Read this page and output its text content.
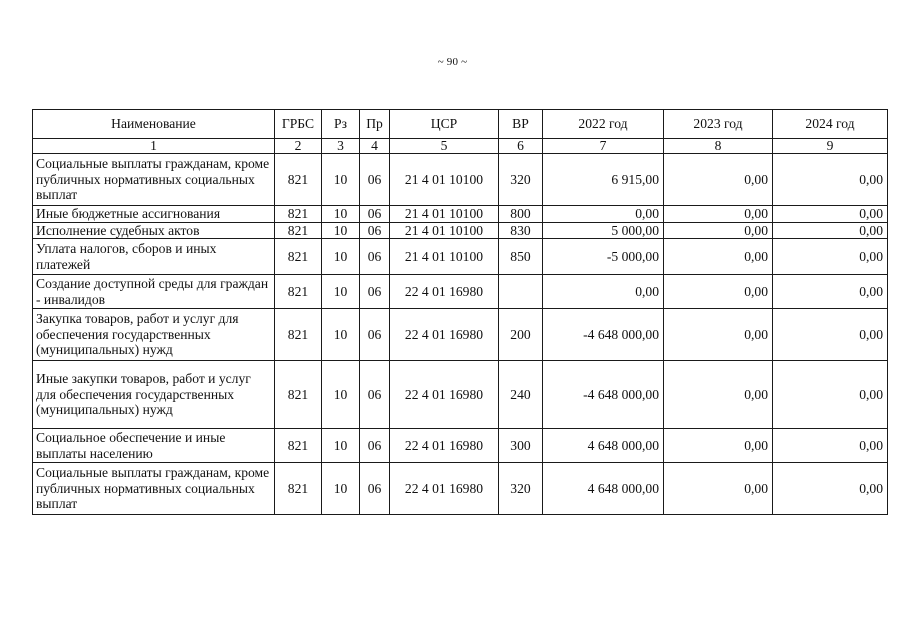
~ 90 ~
Наименование	ГРБС	Рз	Пр	ЦСР	ВР	2022 год	2023 год	2024 год
1	2	3	4	5	6	7	8	9
Социальные выплаты гражданам, кроме публичных нормативных социальных выплат	821	10	06	21 4 01 10100	320	6 915,00	0,00	0,00
Иные бюджетные ассигнования	821	10	06	21 4 01 10100	800	0,00	0,00	0,00
Исполнение судебных актов	821	10	06	21 4 01 10100	830	5 000,00	0,00	0,00
Уплата налогов, сборов и иных платежей	821	10	06	21 4 01 10100	850	-5 000,00	0,00	0,00
Создание доступной среды для граждан - инвалидов	821	10	06	22 4 01 16980		0,00	0,00	0,00
Закупка товаров, работ и услуг для обеспечения государственных (муниципальных) нужд	821	10	06	22 4 01 16980	200	-4 648 000,00	0,00	0,00
Иные закупки товаров, работ и услуг для обеспечения государственных (муниципальных) нужд	821	10	06	22 4 01 16980	240	-4 648 000,00	0,00	0,00
Социальное обеспечение и иные выплаты населению	821	10	06	22 4 01 16980	300	4 648 000,00	0,00	0,00
Социальные выплаты гражданам, кроме публичных нормативных социальных выплат	821	10	06	22 4 01 16980	320	4 648 000,00	0,00	0,00
